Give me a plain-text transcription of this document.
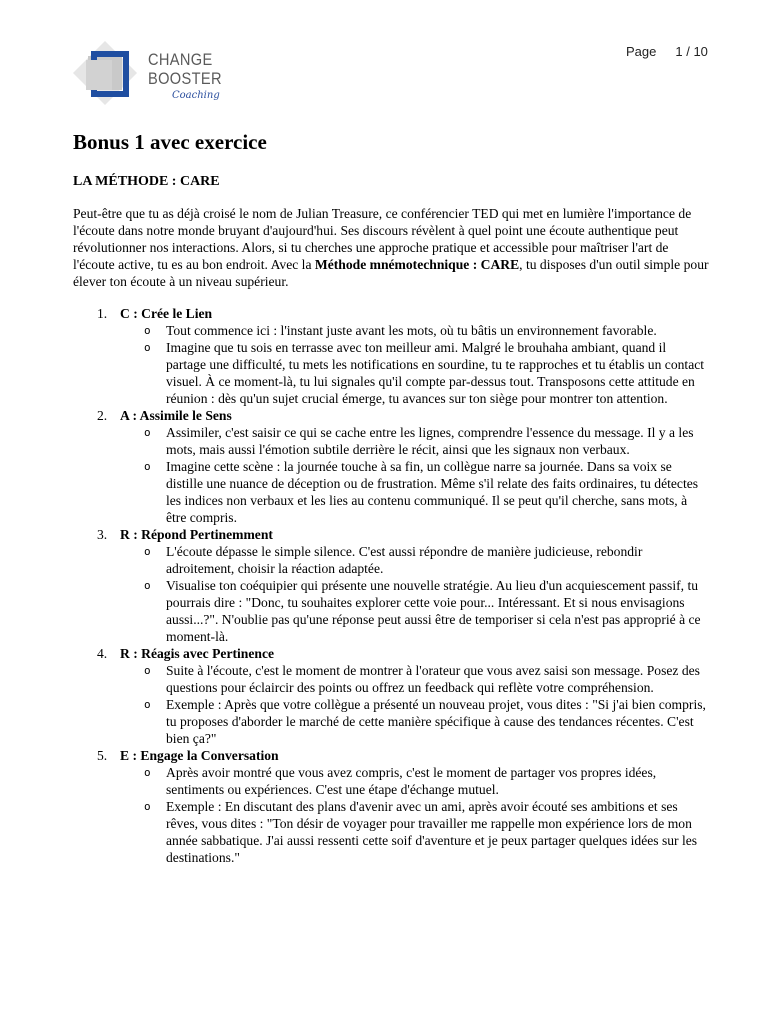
CHANGE
BOOSTER
Coaching
Page 1 / 10
Bonus 1 avec exercice

LA MÉTHODE : CARE

Peut-être que tu as déjà croisé le nom de Julian Treasure, ce conférencier TED qui met en lumière l'importance de l'écoute dans notre monde bruyant d'aujourd'hui. Ses discours révèlent à quel point une écoute authentique peut révolutionner nos interactions. Alors, si tu cherches une approche pratique et accessible pour maîtriser l'art de l'écoute active, tu es au bon endroit. Avec la Méthode mnémotechnique : CARE, tu disposes d'un outil simple pour élever ton écoute à un niveau supérieur.

1. C : Crée le Lien
o Tout commence ici : l'instant juste avant les mots, où tu bâtis un environnement favorable.
o Imagine que tu sois en terrasse avec ton meilleur ami. Malgré le brouhaha ambiant, quand il partage une difficulté, tu mets les notifications en sourdine, tu te rapproches et tu établis un contact visuel. À ce moment-là, tu lui signales qu'il compte par-dessus tout. Transposons cette attitude en réunion : dès qu'un sujet crucial émerge, tu avances sur ton siège pour montrer ton attention.
2. A : Assimile le Sens
o Assimiler, c'est saisir ce qui se cache entre les lignes, comprendre l'essence du message. Il y a les mots, mais aussi l'émotion subtile derrière le récit, ainsi que les signaux non verbaux.
o Imagine cette scène : la journée touche à sa fin, un collègue narre sa journée. Dans sa voix se distille une nuance de déception ou de frustration. Même s'il relate des faits ordinaires, tu détectes les indices non verbaux et les lies au contenu communiqué. Il se peut qu'il cherche, sans mots, à être compris.
3. R : Répond Pertinemment
o L'écoute dépasse le simple silence. C'est aussi répondre de manière judicieuse, rebondir adroitement, choisir la réaction adaptée.
o Visualise ton coéquipier qui présente une nouvelle stratégie. Au lieu d'un acquiescement passif, tu pourrais dire : "Donc, tu souhaites explorer cette voie pour... Intéressant. Et si nous envisagions aussi...?". N'oublie pas qu'une réponse peut aussi être de temporiser si cela n'est pas approprié à ce moment-là.
4. R : Réagis avec Pertinence
o Suite à l'écoute, c'est le moment de montrer à l'orateur que vous avez saisi son message. Posez des questions pour éclaircir des points ou offrez un feedback qui reflète votre compréhension.
o Exemple : Après que votre collègue a présenté un nouveau projet, vous dites : "Si j'ai bien compris, tu proposes d'aborder le marché de cette manière spécifique à cause des tendances récentes. C'est bien ça?"
5. E : Engage la Conversation
o Après avoir montré que vous avez compris, c'est le moment de partager vos propres idées, sentiments ou expériences. C'est une étape d'échange mutuel.
o Exemple : En discutant des plans d'avenir avec un ami, après avoir écouté ses ambitions et ses rêves, vous dites : "Ton désir de voyager pour travailler me rappelle mon expérience lors de mon année sabbatique. J'ai aussi ressenti cette soif d'aventure et je peux partager quelques idées sur les destinations."
